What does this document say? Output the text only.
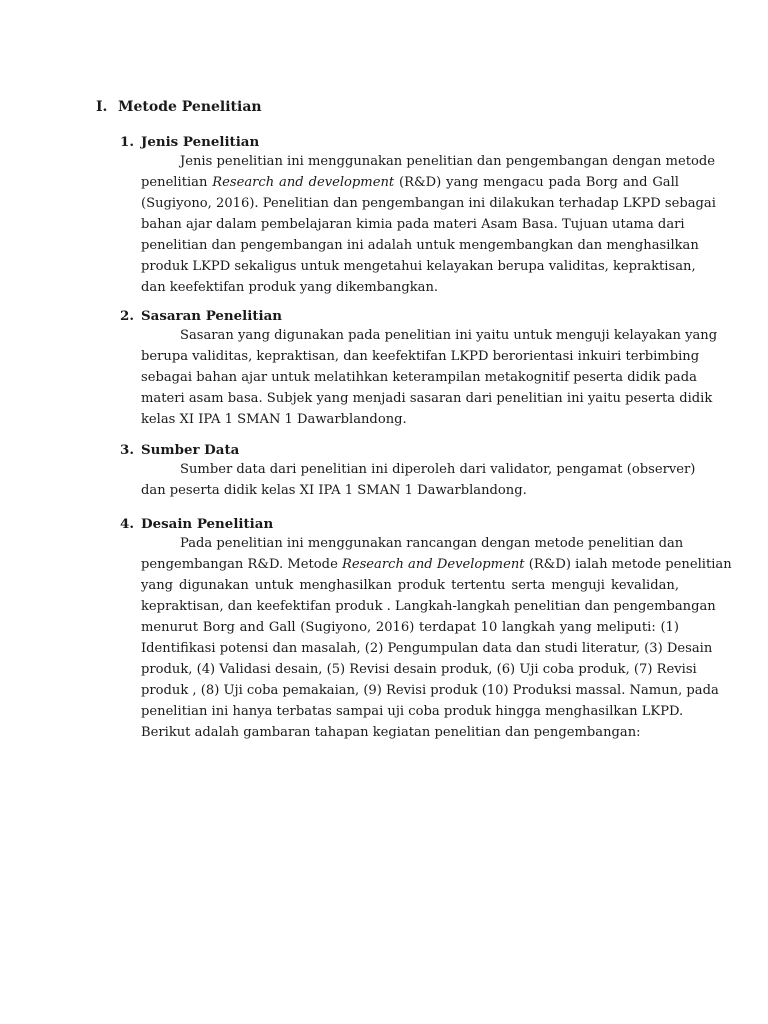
I. Metode Penelitian
1. Jenis Penelitian
Jenis penelitian ini menggunakan penelitian dan pengembangan dengan metode
penelitian Research and development (R&D) yang mengacu pada Borg and Gall
(Sugiyono, 2016). Penelitian dan pengembangan ini dilakukan terhadap LKPD sebagai
bahan ajar dalam pembelajaran kimia pada materi Asam Basa. Tujuan utama dari
penelitian dan pengembangan ini adalah untuk mengembangkan dan menghasilkan
produk LKPD sekaligus untuk mengetahui kelayakan berupa validitas, kepraktisan,
dan keefektifan produk yang dikembangkan.
2. Sasaran Penelitian
Sasaran yang digunakan pada penelitian ini yaitu untuk menguji kelayakan yang
berupa validitas, kepraktisan, dan keefektifan LKPD berorientasi inkuiri terbimbing
sebagai bahan ajar untuk melatihkan keterampilan metakognitif peserta didik pada
materi asam basa. Subjek yang menjadi sasaran dari penelitian ini yaitu peserta didik
kelas XI IPA 1 SMAN 1 Dawarblandong.
3. Sumber Data
Sumber data dari penelitian ini diperoleh dari validator, pengamat (observer)
dan peserta didik kelas XI IPA 1 SMAN 1 Dawarblandong.
4. Desain Penelitian
Pada penelitian ini menggunakan rancangan dengan metode penelitian dan
pengembangan R&D. Metode Research and Development (R&D) ialah metode penelitian
yang digunakan untuk menghasilkan produk tertentu serta menguji kevalidan,
kepraktisan, dan keefektifan produk . Langkah-langkah penelitian dan pengembangan
menurut Borg and Gall (Sugiyono, 2016) terdapat 10 langkah yang meliputi: (1)
Identifikasi potensi dan masalah, (2) Pengumpulan data dan studi literatur, (3) Desain
produk, (4) Validasi desain, (5) Revisi desain produk, (6) Uji coba produk, (7) Revisi
produk , (8) Uji coba pemakaian, (9) Revisi produk (10) Produksi massal. Namun, pada
penelitian ini hanya terbatas sampai uji coba produk hingga menghasilkan LKPD.
Berikut adalah gambaran tahapan kegiatan penelitian dan pengembangan:
